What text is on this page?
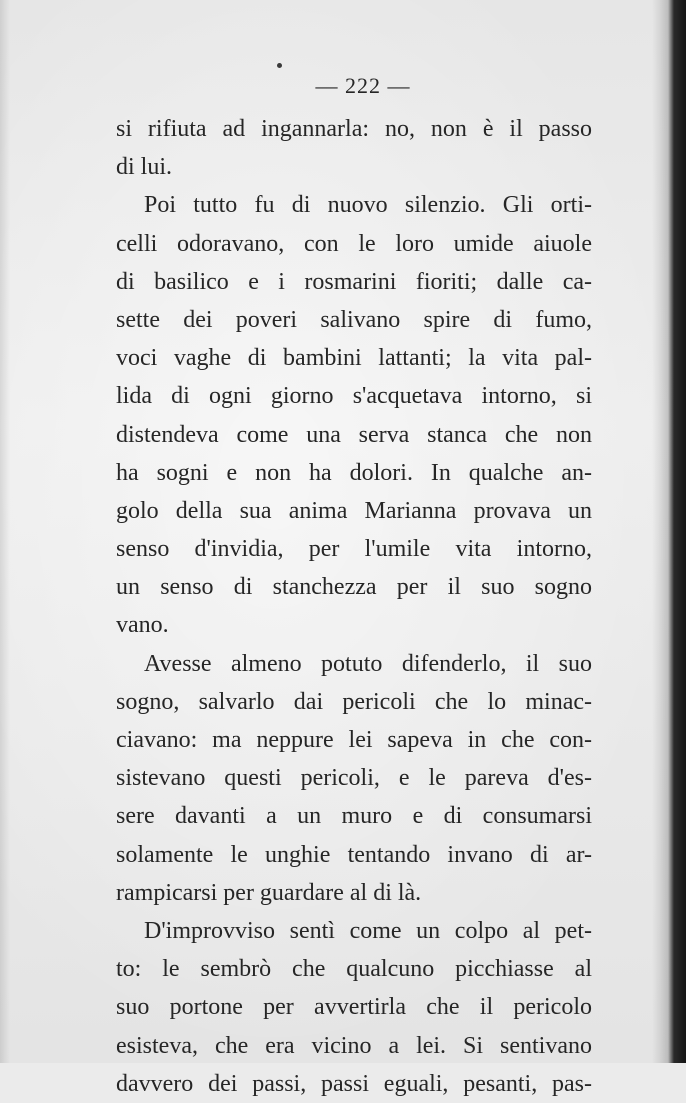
— 222 —
si rifiuta ad ingannarla: no, non è il passo
di lui.
Poi tutto fu di nuovo silenzio. Gli orti-
celli odoravano, con le loro umide aiuole
di basilico e i rosmarini fioriti; dalle ca-
sette dei poveri salivano spire di fumo,
voci vaghe di bambini lattanti; la vita pal-
lida di ogni giorno s'acquetava intorno, si
distendeva come una serva stanca che non
ha sogni e non ha dolori. In qualche an-
golo della sua anima Marianna provava un
senso d'invidia, per l'umile vita intorno,
un senso di stanchezza per il suo sogno
vano.
Avesse almeno potuto difenderlo, il suo
sogno, salvarlo dai pericoli che lo minac-
ciavano: ma neppure lei sapeva in che con-
sistevano questi pericoli, e le pareva d'es-
sere davanti a un muro e di consumarsi
solamente le unghie tentando invano di ar-
rampicarsi per guardare al di là.
D'improvviso sentì come un colpo al pet-
to: le sembrò che qualcuno picchiasse al
suo portone per avvertirla che il pericolo
esisteva, che era vicino a lei. Si sentivano
davvero dei passi, passi eguali, pesanti, pas-
